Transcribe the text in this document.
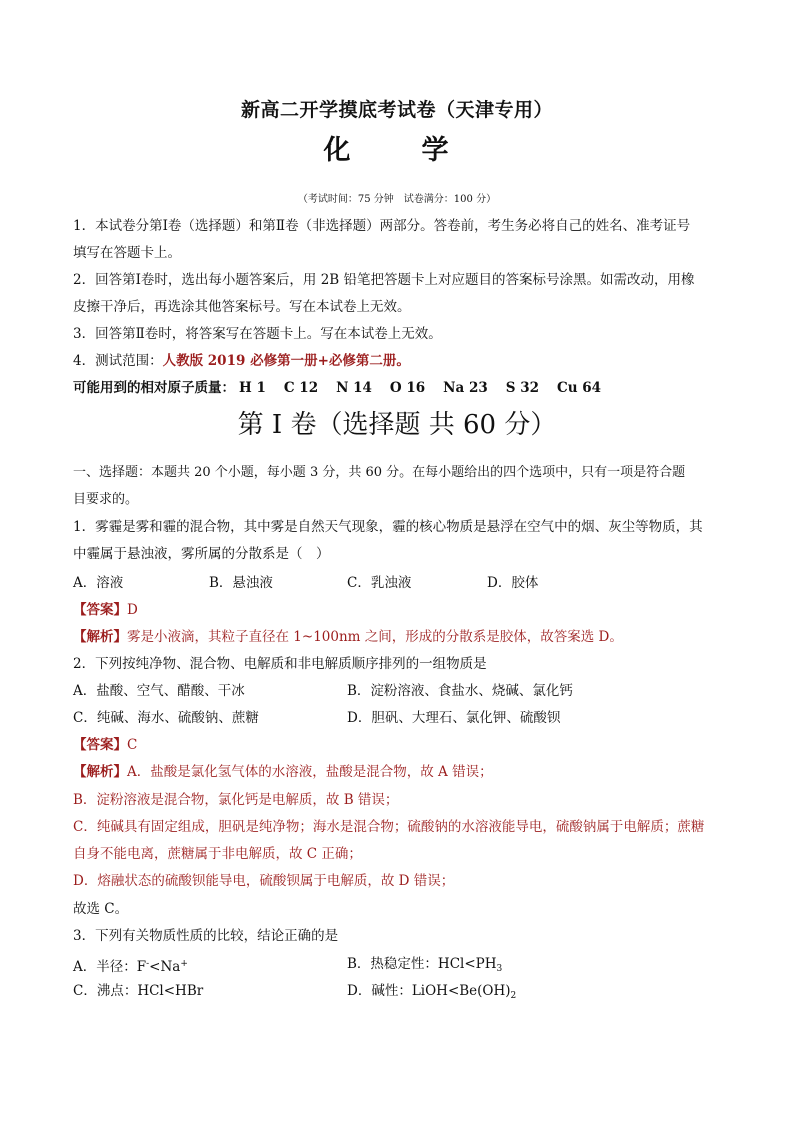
新高二开学摸底考试卷（天津专用）
化　学
（考试时间：75 分钟　试卷满分：100 分）
1．本试卷分第Ⅰ卷（选择题）和第Ⅱ卷（非选择题）两部分。答卷前，考生务必将自己的姓名、准考证号
填写在答题卡上。
2．回答第Ⅰ卷时，选出每小题答案后，用 2B 铅笔把答题卡上对应题目的答案标号涂黑。如需改动，用橡
皮擦干净后，再选涂其他答案标号。写在本试卷上无效。
3．回答第Ⅱ卷时，将答案写在答题卡上。写在本试卷上无效。
4．测试范围：人教版 2019 必修第一册+必修第二册。
可能用到的相对原子质量： H 1 C 12 N 14 O 16 Na 23 S 32 Cu 64
第 I 卷（选择题 共 60 分）
一、选择题：本题共 20 个小题，每小题 3 分，共 60 分。在每小题给出的四个选项中，只有一项是符合题
目要求的。
1．雾霾是雾和霾的混合物，其中雾是自然天气现象，霾的核心物质是悬浮在空气中的烟、灰尘等物质，其
中霾属于悬浊液，雾所属的分散系是（　）
A．溶液	B．悬浊液	C．乳浊液	D．胶体
【答案】D
【解析】雾是小液滴，其粒子直径在 1~100nm 之间，形成的分散系是胶体，故答案选 D。
2．下列按纯净物、混合物、电解质和非电解质顺序排列的一组物质是
A．盐酸、空气、醋酸、干冰	B．淀粉溶液、食盐水、烧碱、氯化钙
C．纯碱、海水、硫酸钠、蔗糖	D．胆矾、大理石、氯化钾、硫酸钡
【答案】C
【解析】A．盐酸是氯化氢气体的水溶液，盐酸是混合物，故 A 错误；
B．淀粉溶液是混合物，氯化钙是电解质，故 B 错误；
C．纯碱具有固定组成，胆矾是纯净物；海水是混合物；硫酸钠的水溶液能导电，硫酸钠属于电解质；蔗糖
自身不能电离，蔗糖属于非电解质，故 C 正确；
D．熔融状态的硫酸钡能导电，硫酸钡属于电解质，故 D 错误；
故选 C。
3．下列有关物质性质的比较，结论正确的是
A．半径：F-<Na+	B．热稳定性：$HCl<PH_3$
C．沸点：HCl<HBr	D．碱性：$LiOH<Be(OH)_2$
